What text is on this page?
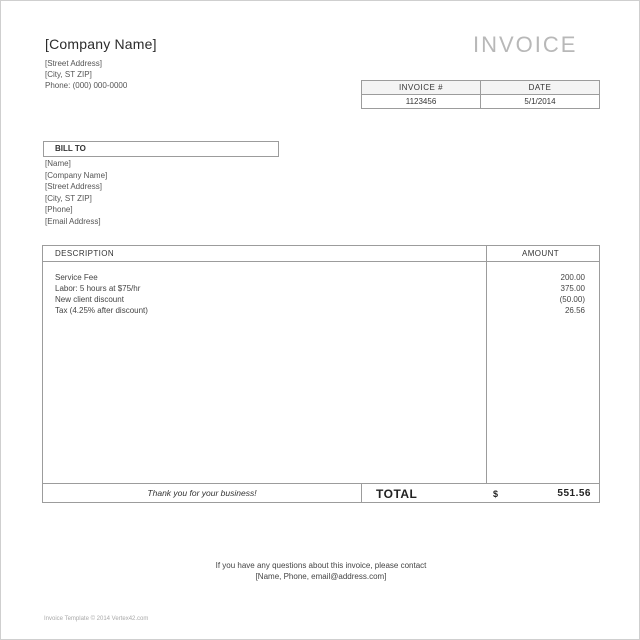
[Company Name]
[Street Address]
[City, ST ZIP]
Phone: (000) 000-0000
INVOICE
INVOICE #	DATE
1123456	5/1/2014
BILL TO
[Name]
[Company Name]
[Street Address]
[City, ST ZIP]
[Phone]
[Email Address]
DESCRIPTION	AMOUNT
Service Fee	200.00
Labor: 5 hours at $75/hr	375.00
New client discount	(50.00)
Tax (4.25% after discount)	26.56
Thank you for your business!	TOTAL	$	551.56
If you have any questions about this invoice, please contact
[Name, Phone, email@address.com]
Invoice Template © 2014 Vertex42.com
